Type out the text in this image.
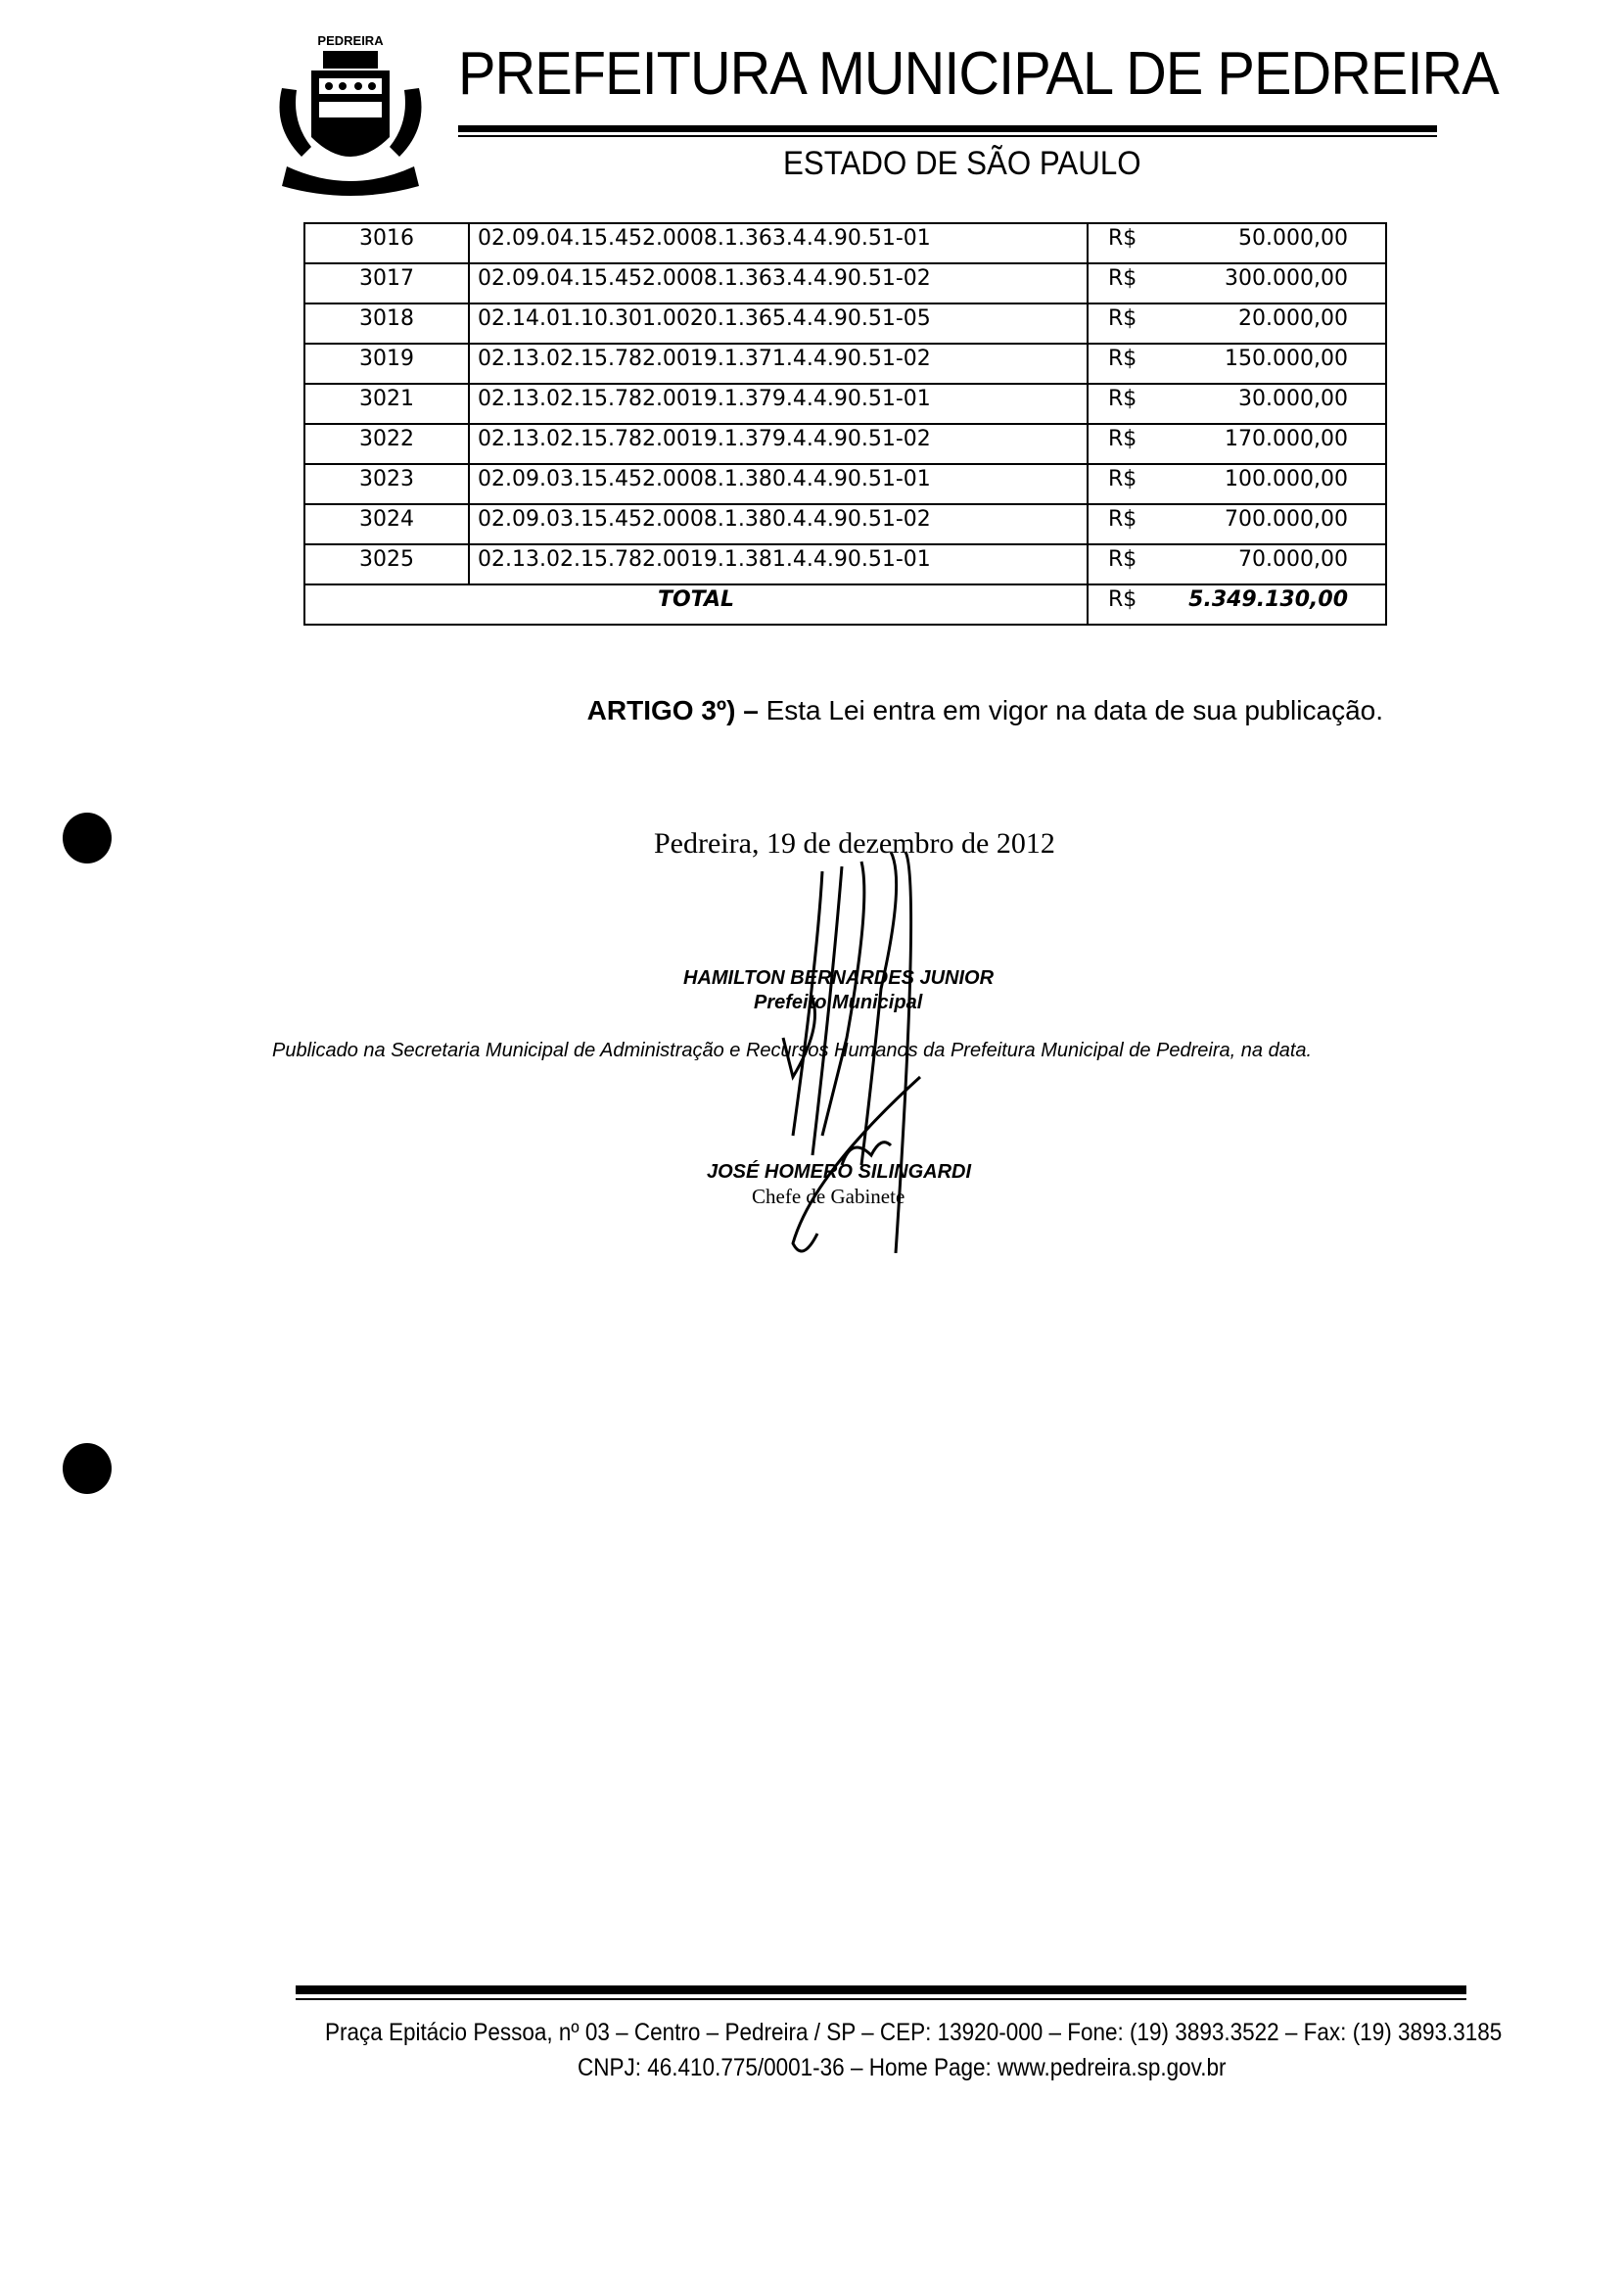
PEDREIRA PREFEITURA MUNICIPAL DE PEDREIRA
ESTADO DE SÃO PAULO
3016	02.09.04.15.452.0008.1.363.4.4.90.51-01	R$	50.000,00
3017	02.09.04.15.452.0008.1.363.4.4.90.51-02	R$	300.000,00
3018	02.14.01.10.301.0020.1.365.4.4.90.51-05	R$	20.000,00
3019	02.13.02.15.782.0019.1.371.4.4.90.51-02	R$	150.000,00
3021	02.13.02.15.782.0019.1.379.4.4.90.51-01	R$	30.000,00
3022	02.13.02.15.782.0019.1.379.4.4.90.51-02	R$	170.000,00
3023	02.09.03.15.452.0008.1.380.4.4.90.51-01	R$	100.000,00
3024	02.09.03.15.452.0008.1.380.4.4.90.51-02	R$	700.000,00
3025	02.13.02.15.782.0019.1.381.4.4.90.51-01	R$	70.000,00
TOTAL		R$	5.349.130,00
ARTIGO 3º) – Esta Lei entra em vigor na data de sua publicação.
Pedreira, 19 de dezembro de 2012
HAMILTON BERNARDES JUNIOR
Prefeito Municipal
Publicado na Secretaria Municipal de Administração e Recursos Humanos da Prefeitura Municipal de Pedreira, na data.
JOSÉ HOMERO SILINGARDI
Chefe de Gabinete
Praça Epitácio Pessoa, nº 03 – Centro – Pedreira / SP – CEP: 13920-000 – Fone: (19) 3893.3522 – Fax: (19) 3893.3185
CNPJ: 46.410.775/0001-36 – Home Page: www.pedreira.sp.gov.br
